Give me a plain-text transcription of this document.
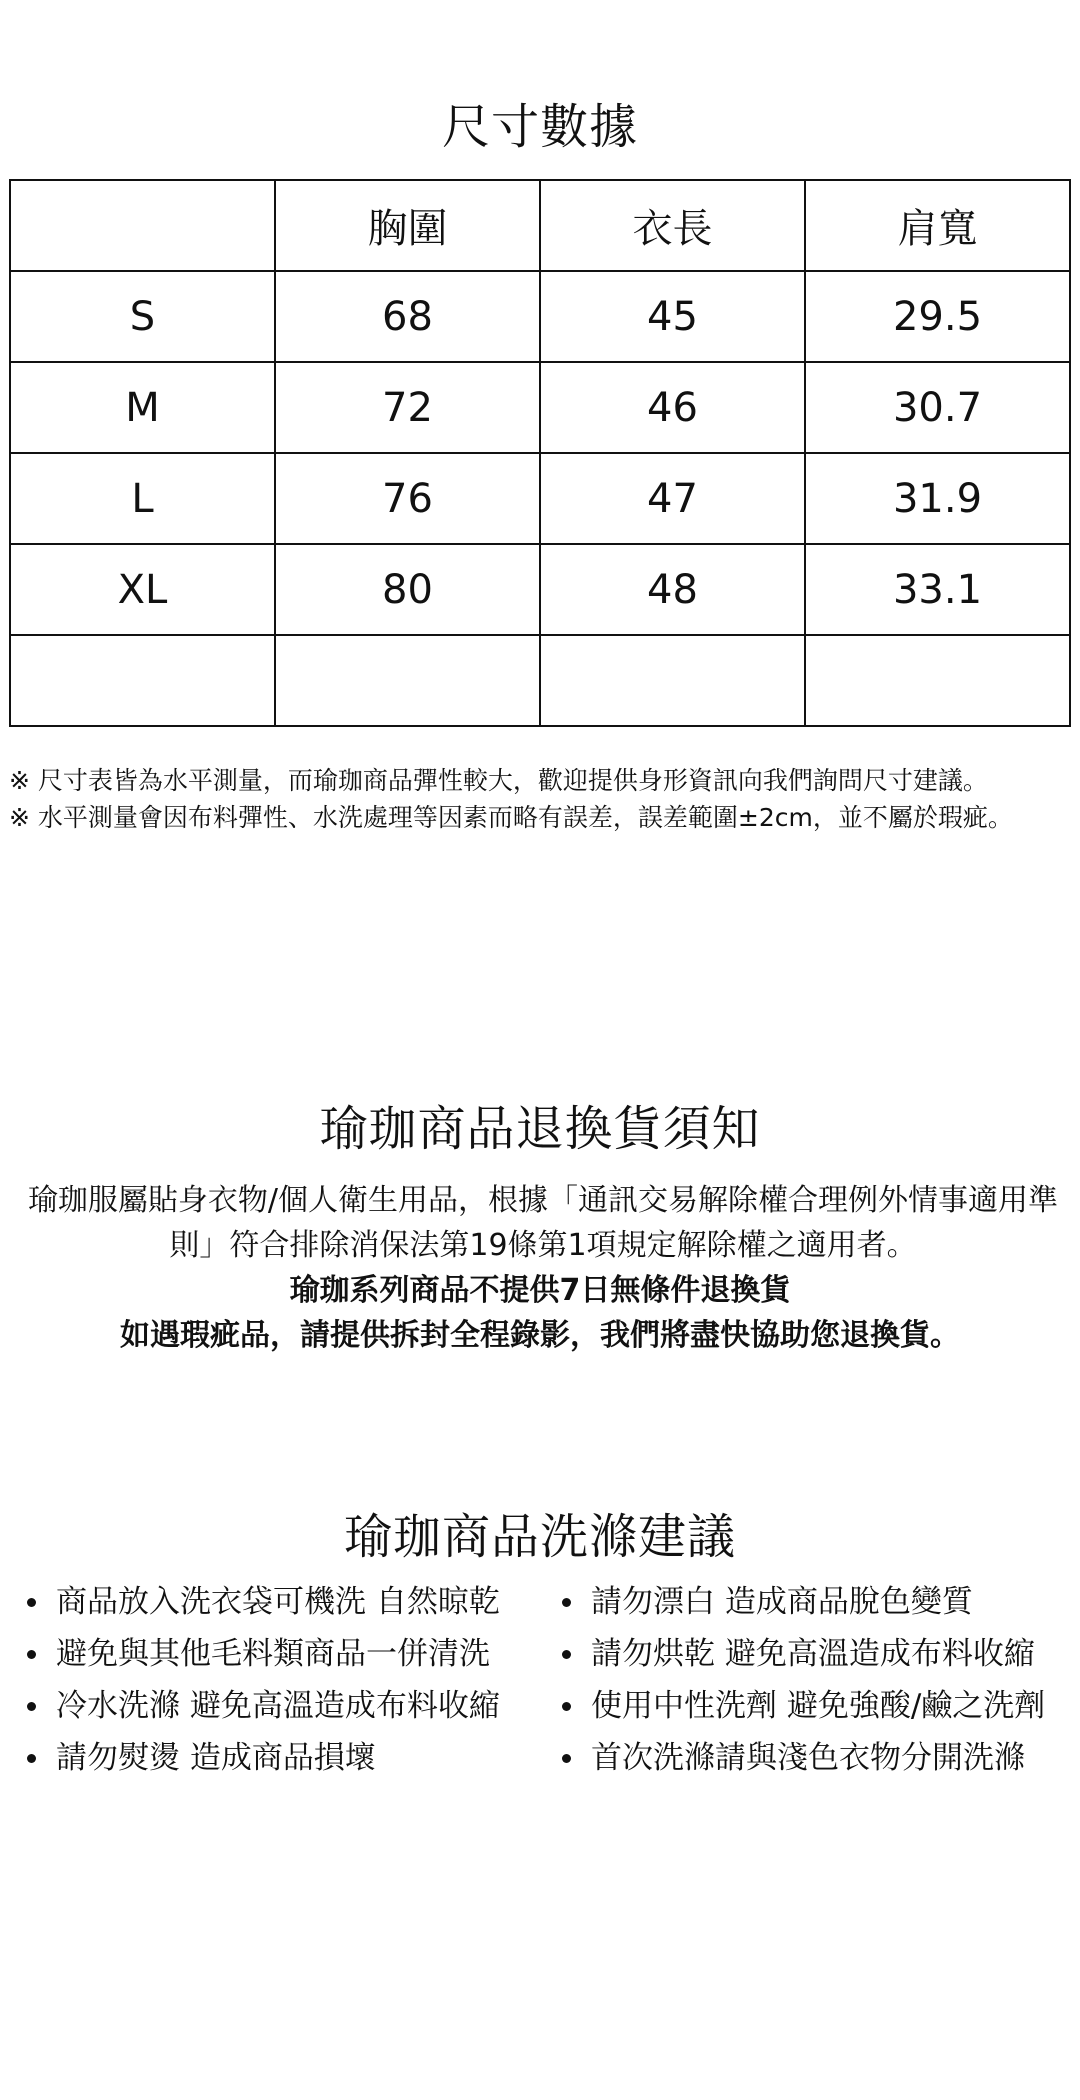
尺寸數據
	胸圍	衣長	肩寬
S	68	45	29.5
M	72	46	30.7
L	76	47	31.9
XL	80	48	33.1

※ 尺寸表皆為水平測量，而瑜珈商品彈性較大，歡迎提供身形資訊向我們詢問尺寸建議。

※ 水平測量會因布料彈性、水洗處理等因素而略有誤差，誤差範圍±2cm，並不屬於瑕疵。

瑜珈商品退換貨須知

瑜珈服屬貼身衣物/個人衛生用品，根據「通訊交易解除權合理例外情事適用準則」符合排除消保法第19條第1項規定解除權之適用者。

瑜珈系列商品不提供7日無條件退換貨

如遇瑕疵品，請提供拆封全程錄影，我們將盡快協助您退換貨。

瑜珈商品洗滌建議
商品放入洗衣袋可機洗 自然晾乾	請勿漂白 造成商品脫色變質
避免與其他毛料類商品一併清洗	請勿烘乾 避免高溫造成布料收縮
冷水洗滌 避免高溫造成布料收縮	使用中性洗劑 避免強酸/鹼之洗劑
請勿熨燙 造成商品損壞	首次洗滌請與淺色衣物分開洗滌
